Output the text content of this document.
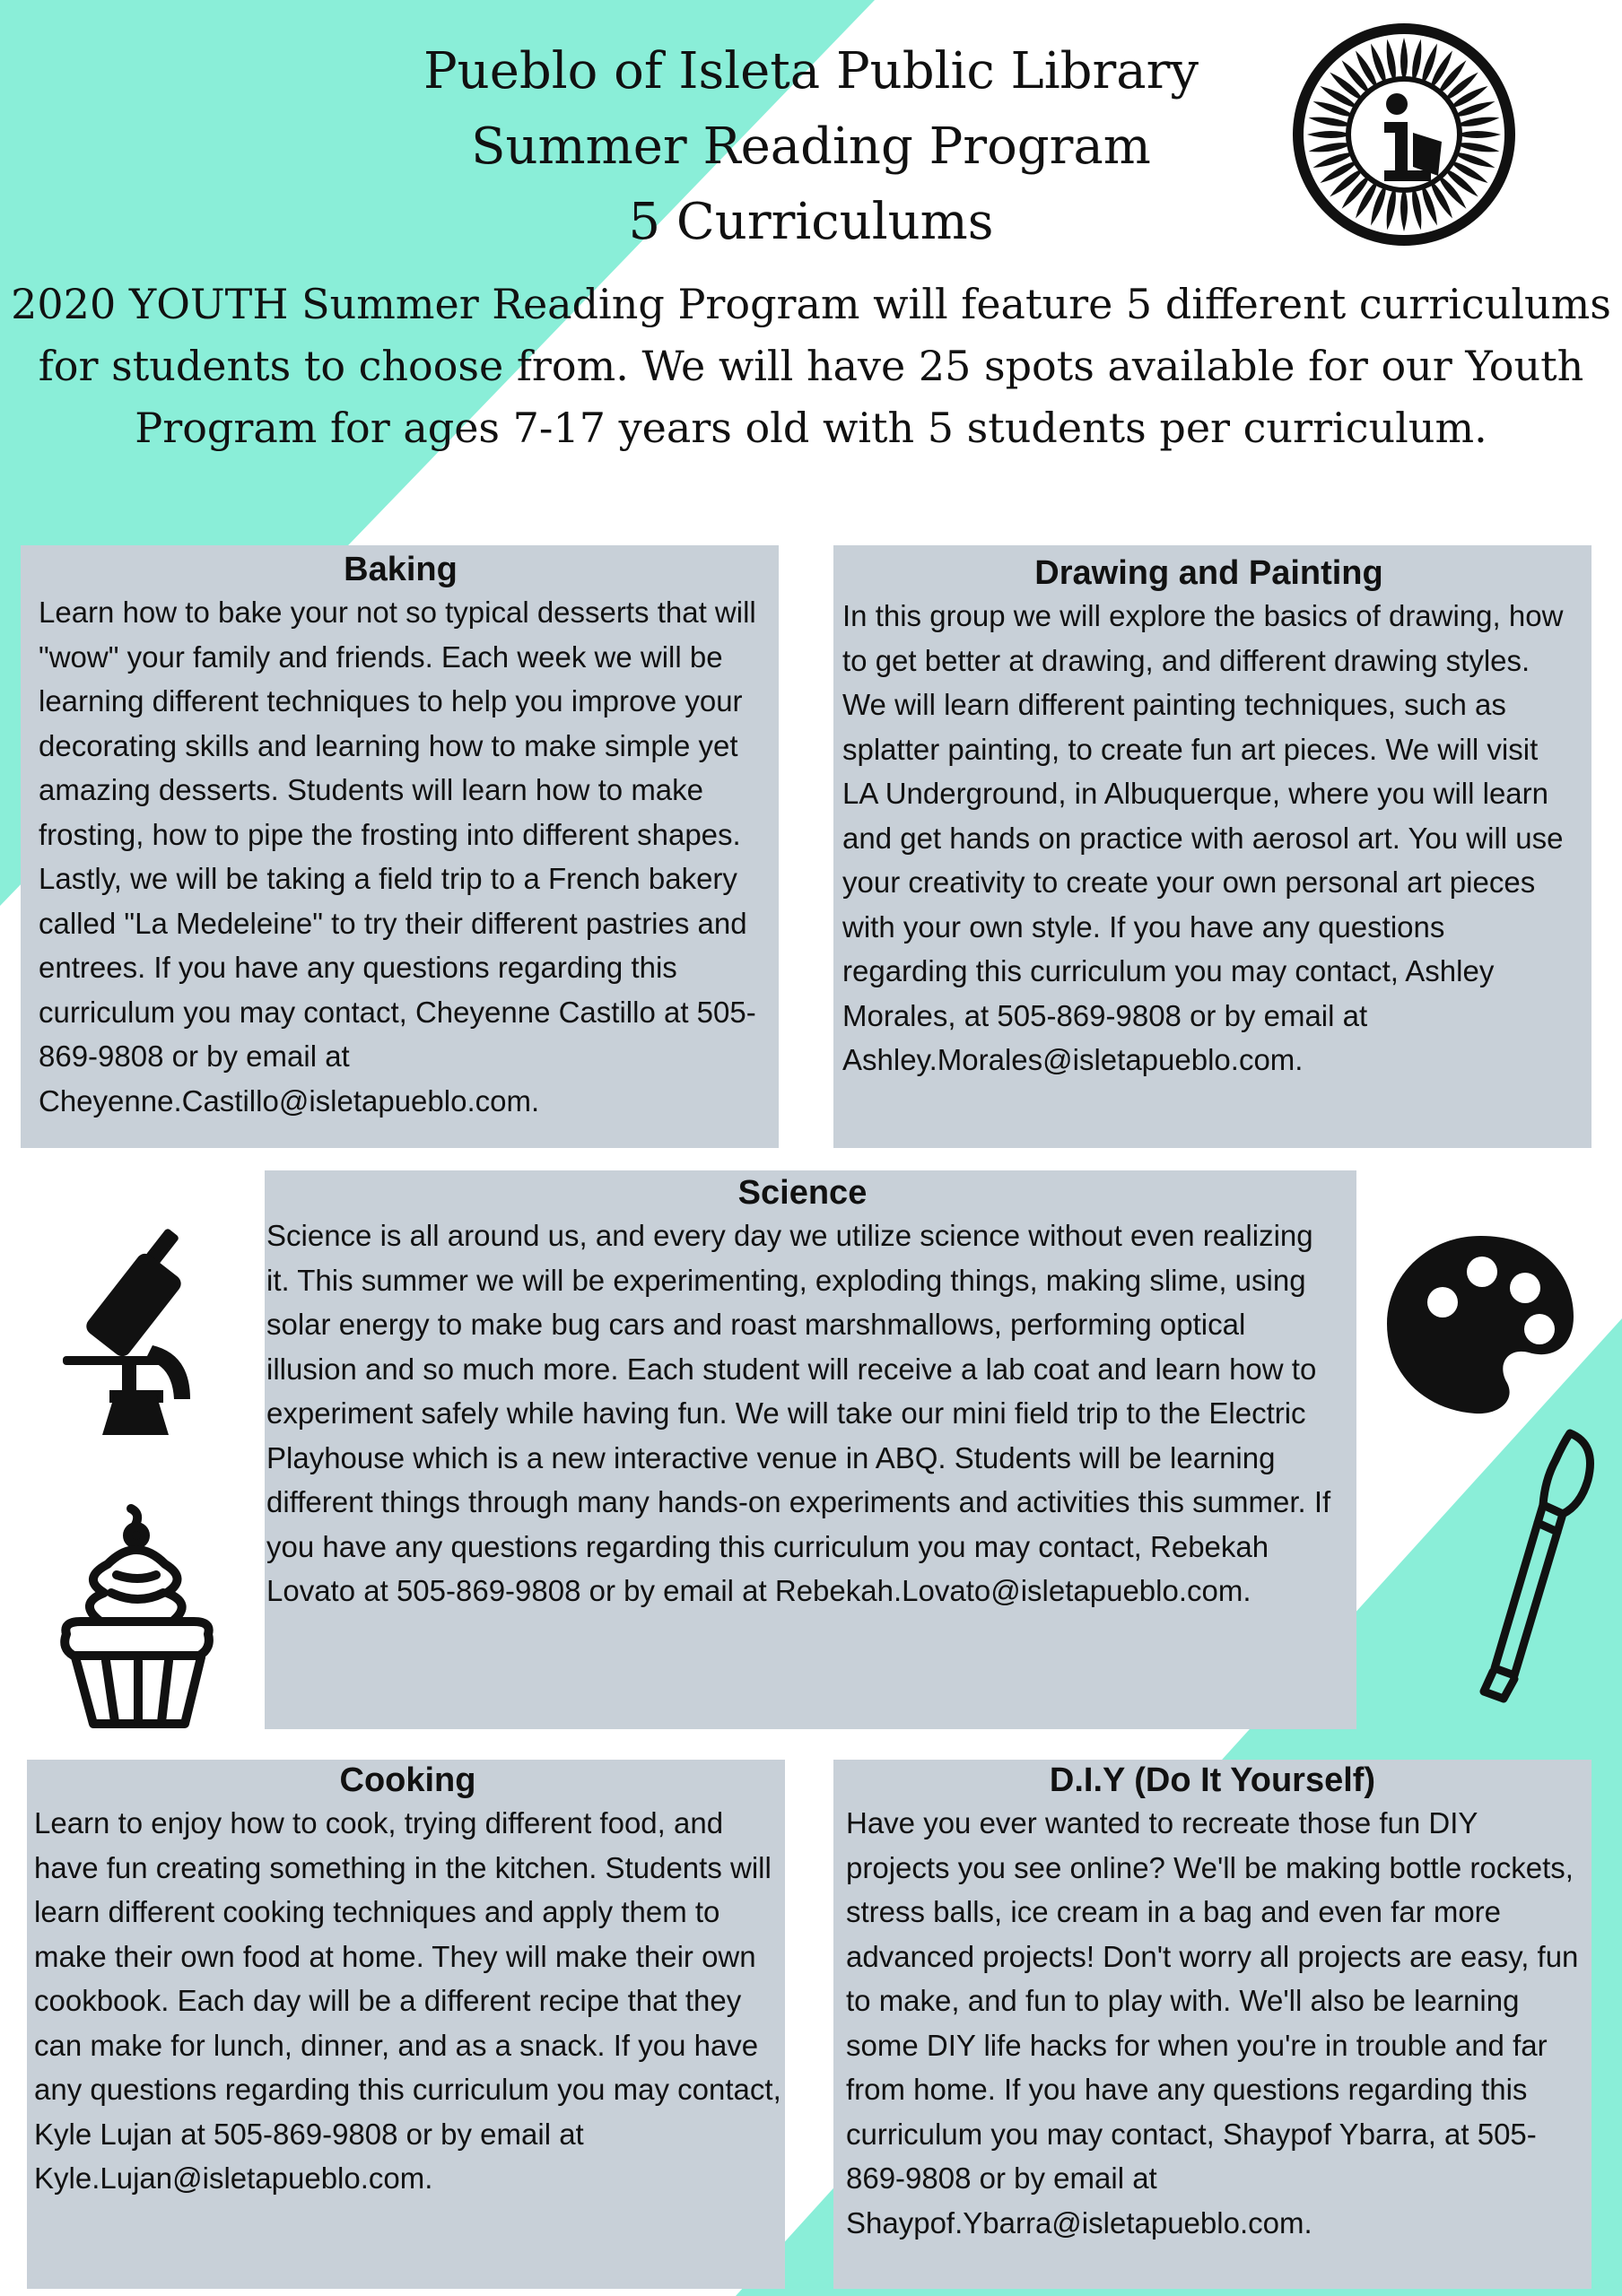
Pueblo of Isleta Public Library
Summer Reading Program
5 Curriculums
2020 YOUTH Summer Reading Program will feature 5 different curriculums for students to choose from. We will have 25 spots available for our Youth Program for ages 7-17 years old with 5 students per curriculum.
Baking

Learn how to bake your not so typical desserts that will "wow" your family and friends. Each week we will be learning different techniques to help you improve your decorating skills and learning how to make simple yet amazing desserts. Students will learn how to make frosting, how to pipe the frosting into different shapes. Lastly, we will be taking a field trip to a French bakery called "La Medeleine" to try their different pastries and entrees. If you have any questions regarding this curriculum you may contact, Cheyenne Castillo at 505-869-9808 or by email at Cheyenne.Castillo@isletapueblo.com.

Drawing and Painting

In this group we will explore the basics of drawing, how to get better at drawing, and different drawing styles. We will learn different painting techniques, such as splatter painting, to create fun art pieces. We will visit LA Underground, in Albuquerque, where you will learn and get hands on practice with aerosol art. You will use your creativity to create your own personal art pieces with your own style. If you have any questions regarding this curriculum you may contact, Ashley Morales, at 505-869-9808 or by email at Ashley.Morales@isletapueblo.com.

Science

Science is all around us, and every day we utilize science without even realizing it. This summer we will be experimenting, exploding things, making slime, using solar energy to make bug cars and roast marshmallows, performing optical illusion and so much more. Each student will receive a lab coat and learn how to experiment safely while having fun. We will take our mini field trip to the Electric Playhouse which is a new interactive venue in ABQ. Students will be learning different things through many hands-on experiments and activities this summer. If you have any questions regarding this curriculum you may contact, Rebekah Lovato at 505-869-9808 or by email at Rebekah.Lovato@isletapueblo.com.

Cooking

Learn to enjoy how to cook, trying different food, and have fun creating something in the kitchen. Students will learn different cooking techniques and apply them to make their own food at home. They will make their own cookbook. Each day will be a different recipe that they can make for lunch, dinner, and as a snack. If you have any questions regarding this curriculum you may contact, Kyle Lujan at 505-869-9808 or by email at Kyle.Lujan@isletapueblo.com.

D.I.Y (Do It Yourself)

Have you ever wanted to recreate those fun DIY projects you see online? We'll be making bottle rockets, stress balls, ice cream in a bag and even far more advanced projects! Don't worry all projects are easy, fun to make, and fun to play with. We'll also be learning some DIY life hacks for when you're in trouble and far from home. If you have any questions regarding this curriculum you may contact, Shaypof Ybarra, at 505-869-9808 or by email at Shaypof.Ybarra@isletapueblo.com.
